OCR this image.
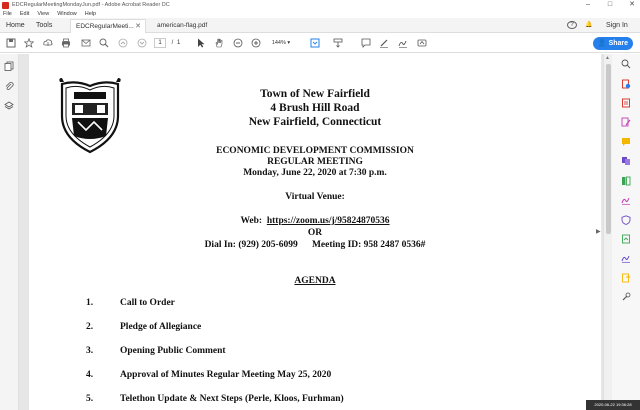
EDCRegularMeetingMondayJun.pdf - Adobe Acrobat Reader DC	–	□	✕
File Edit View Window Help
Home Tools	EDCRegularMeeti... ✕	american-flag.pdf	?	🔔 Sign In
1 / 1	144% ▾	👤 Share
Town of New Fairfield
4 Brush Hill Road
New Fairfield, Connecticut
ECONOMIC DEVELOPMENT COMMISSION
REGULAR MEETING
Monday, June 22, 2020 at 7:30 p.m.
Virtual Venue:
Web: https://zoom.us/j/95824870536
OR
Dial In: (929) 205-6099 Meeting ID: 958 2487 0536#
AGENDA
1.	Call to Order
2.	Pledge of Allegiance
3.	Opening Public Comment
4.	Approval of Minutes Regular Meeting May 25, 2020
5.	Telethon Update & Next Steps (Perle, Kloos, Furhman)
▶
▲
2020-06-22 19:36:28
